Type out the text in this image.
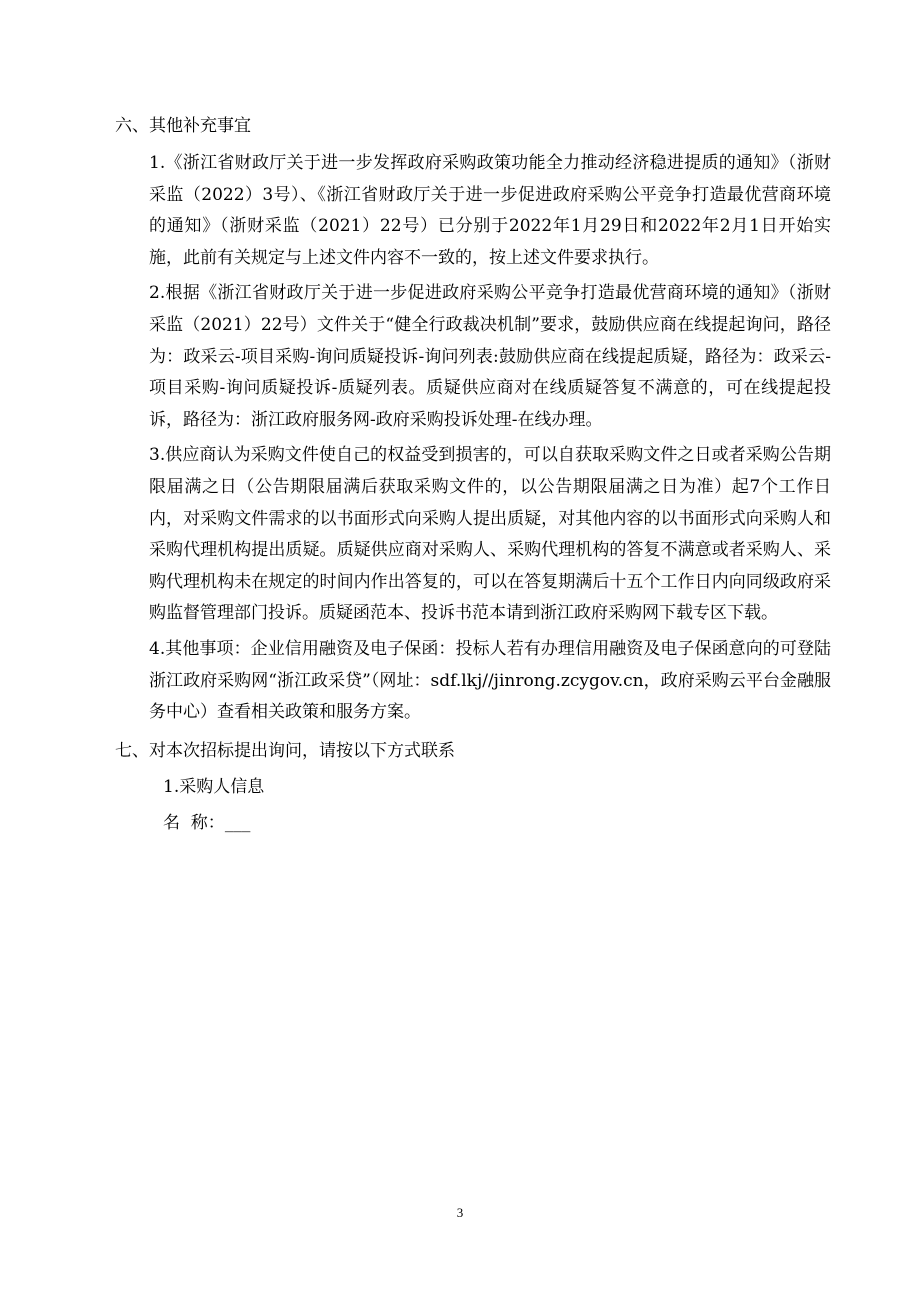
六、其他补充事宜

1.《浙江省财政厅关于进一步发挥政府采购政策功能全力推动经济稳进提质的通知》（浙财采监（2022）3号）、《浙江省财政厅关于进一步促进政府采购公平竞争打造最优营商环境的通知》（浙财采监（2021）22号）已分别于2022年1月29日和2022年2月1日开始实施，此前有关规定与上述文件内容不一致的，按上述文件要求执行。

2.根据《浙江省财政厅关于进一步促进政府采购公平竞争打造最优营商环境的通知》（浙财采监（2021）22号）文件关于“健全行政裁决机制”要求，鼓励供应商在线提起询问，路径为：政采云-项目采购-询问质疑投诉-询问列表:鼓励供应商在线提起质疑，路径为：政采云-项目采购-询问质疑投诉-质疑列表。质疑供应商对在线质疑答复不满意的，可在线提起投诉，路径为：浙江政府服务网-政府采购投诉处理-在线办理。

3.供应商认为采购文件使自己的权益受到损害的，可以自获取采购文件之日或者采购公告期限届满之日（公告期限届满后获取采购文件的，以公告期限届满之日为准）起7个工作日内，对采购文件需求的以书面形式向采购人提出质疑，对其他内容的以书面形式向采购人和采购代理机构提出质疑。质疑供应商对采购人、采购代理机构的答复不满意或者采购人、采购代理机构未在规定的时间内作出答复的，可以在答复期满后十五个工作日内向同级政府采购监督管理部门投诉。质疑函范本、投诉书范本请到浙江政府采购网下载专区下载。

4.其他事项：企业信用融资及电子保函：投标人若有办理信用融资及电子保函意向的可登陆浙江政府采购网“浙江政采贷”（网址：sdf.lkj//jinrong.zcygov.cn，政府采购云平台金融服务中心）查看相关政策和服务方案。

七、对本次招标提出询问，请按以下方式联系

1.采购人信息

名  称：___

3
